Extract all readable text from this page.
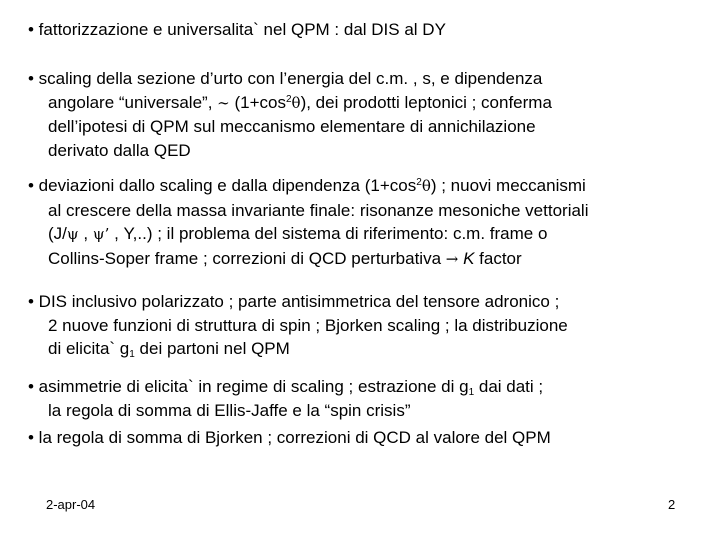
• fattorizzazione e universalita` nel QPM : dal DIS al DY
• scaling della sezione d’urto con l’energia del c.m. , s, e dipendenza
angolare “universale”, ∼ $(1+\cos^2\theta)$, dei prodotti leptonici ; conferma
dell’ipotesi di QPM sul meccanismo elementare di annichilazione
derivato dalla QED
• deviazioni dallo scaling e dalla dipendenza $(1+\cos^2\theta)$ ; nuovi meccanismi
al crescere della massa invariante finale: risonanze mesoniche vettoriali
(J/ψ , ψ’ , Y,..) ; il problema del sistema di riferimento: c.m. frame o
Collins-Soper frame ; correzioni di QCD perturbativa → K factor
• DIS inclusivo polarizzato ; parte antisimmetrica del tensore adronico ;
2 nuove funzioni di struttura di spin ; Bjorken scaling ; la distribuzione
di elicita` $g_1$ dei partoni nel QPM
• asimmetrie di elicita` in regime di scaling ; estrazione di $g_1$ dai dati ;
la regola di somma di Ellis-Jaffe e la “spin crisis”
• la regola di somma di Bjorken ; correzioni di QCD al valore del QPM
2-apr-04	2
